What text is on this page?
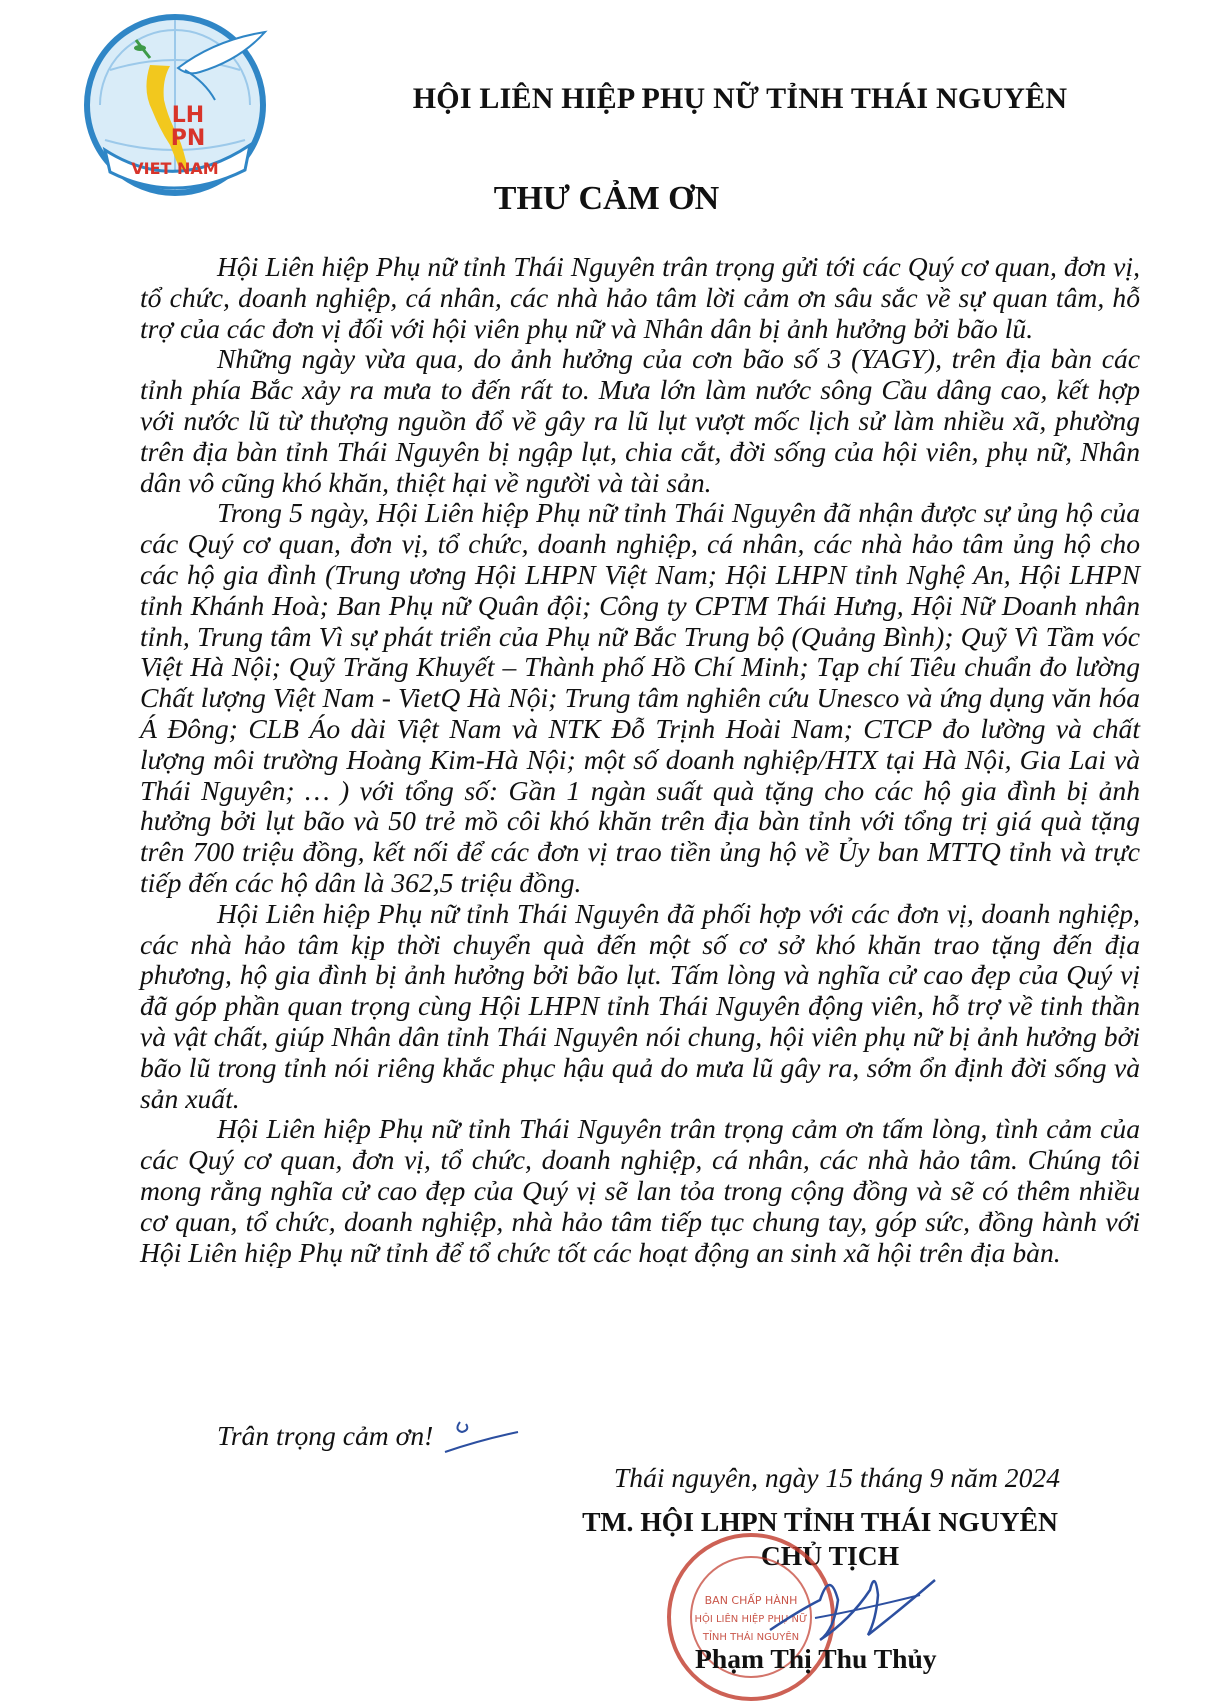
LH
PN
VIET NAM
HỘI LIÊN HIỆP PHỤ NỮ TỈNH THÁI NGUYÊN
THƯ CẢM ƠN

Hội Liên hiệp Phụ nữ tỉnh Thái Nguyên trân trọng gửi tới các Quý cơ quan, đơn vị, tổ chức, doanh nghiệp, cá nhân, các nhà hảo tâm lời cảm ơn sâu sắc về sự quan tâm, hỗ trợ của các đơn vị đối với hội viên phụ nữ và Nhân dân bị ảnh hưởng bởi bão lũ.

Những ngày vừa qua, do ảnh hưởng của cơn bão số 3 (YAGY), trên địa bàn các tỉnh phía Bắc xảy ra mưa to đến rất to. Mưa lớn làm nước sông Cầu dâng cao, kết hợp với nước lũ từ thượng nguồn đổ về gây ra lũ lụt vượt mốc lịch sử làm nhiều xã, phường trên địa bàn tỉnh Thái Nguyên bị ngập lụt, chia cắt, đời sống của hội viên, phụ nữ, Nhân dân vô cũng khó khăn, thiệt hại về người và tài sản.

Trong 5 ngày, Hội Liên hiệp Phụ nữ tỉnh Thái Nguyên đã nhận được sự ủng hộ của các Quý cơ quan, đơn vị, tổ chức, doanh nghiệp, cá nhân, các nhà hảo tâm ủng hộ cho các hộ gia đình (Trung ương Hội LHPN Việt Nam; Hội LHPN tỉnh Nghệ An, Hội LHPN tỉnh Khánh Hoà; Ban Phụ nữ Quân đội; Công ty CPTM Thái Hưng, Hội Nữ Doanh nhân tỉnh, Trung tâm Vì sự phát triển của Phụ nữ Bắc Trung bộ (Quảng Bình); Quỹ Vì Tầm vóc Việt Hà Nội; Quỹ Trăng Khuyết – Thành phố Hồ Chí Minh; Tạp chí Tiêu chuẩn đo lường Chất lượng Việt Nam - VietQ Hà Nội; Trung tâm nghiên cứu Unesco và ứng dụng văn hóa Á Đông; CLB Áo dài Việt Nam và NTK Đỗ Trịnh Hoài Nam; CTCP đo lường và chất lượng môi trường Hoàng Kim-Hà Nội; một số doanh nghiệp/HTX tại Hà Nội, Gia Lai và Thái Nguyên; … ) với tổng số: Gần 1 ngàn suất quà tặng cho các hộ gia đình bị ảnh hưởng bởi lụt bão và 50 trẻ mồ côi khó khăn trên địa bàn tỉnh với tổng trị giá quà tặng trên 700 triệu đồng, kết nối để các đơn vị trao tiền ủng hộ về Ủy ban MTTQ tỉnh và trực tiếp đến các hộ dân là 362,5 triệu đồng.

Hội Liên hiệp Phụ nữ tỉnh Thái Nguyên đã phối hợp với các đơn vị, doanh nghiệp, các nhà hảo tâm kịp thời chuyển quà đến một số cơ sở khó khăn trao tặng đến địa phương, hộ gia đình bị ảnh hưởng bởi bão lụt. Tấm lòng và nghĩa cử cao đẹp của Quý vị đã góp phần quan trọng cùng Hội LHPN tỉnh Thái Nguyên động viên, hỗ trợ về tinh thần và vật chất, giúp Nhân dân tỉnh Thái Nguyên nói chung, hội viên phụ nữ bị ảnh hưởng bởi bão lũ trong tỉnh nói riêng khắc phục hậu quả do mưa lũ gây ra, sớm ổn định đời sống và sản xuất.

Hội Liên hiệp Phụ nữ tỉnh Thái Nguyên trân trọng cảm ơn tấm lòng, tình cảm của các Quý cơ quan, đơn vị, tổ chức, doanh nghiệp, cá nhân, các nhà hảo tâm. Chúng tôi mong rằng nghĩa cử cao đẹp của Quý vị sẽ lan tỏa trong cộng đồng và sẽ có thêm nhiều cơ quan, tổ chức, doanh nghiệp, nhà hảo tâm tiếp tục chung tay, góp sức, đồng hành với Hội Liên hiệp Phụ nữ tỉnh để tổ chức tốt các hoạt động an sinh xã hội trên địa bàn.

Trân trọng cảm ơn!
Thái nguyên, ngày 15 tháng 9 năm 2024
TM. HỘI LHPN TỈNH THÁI NGUYÊN
CHỦ TỊCH
BAN CHẤP HÀNH
HỘI LIÊN HIỆP PHỤ NỮ
TỈNH THÁI NGUYÊN
Phạm Thị Thu Thủy
